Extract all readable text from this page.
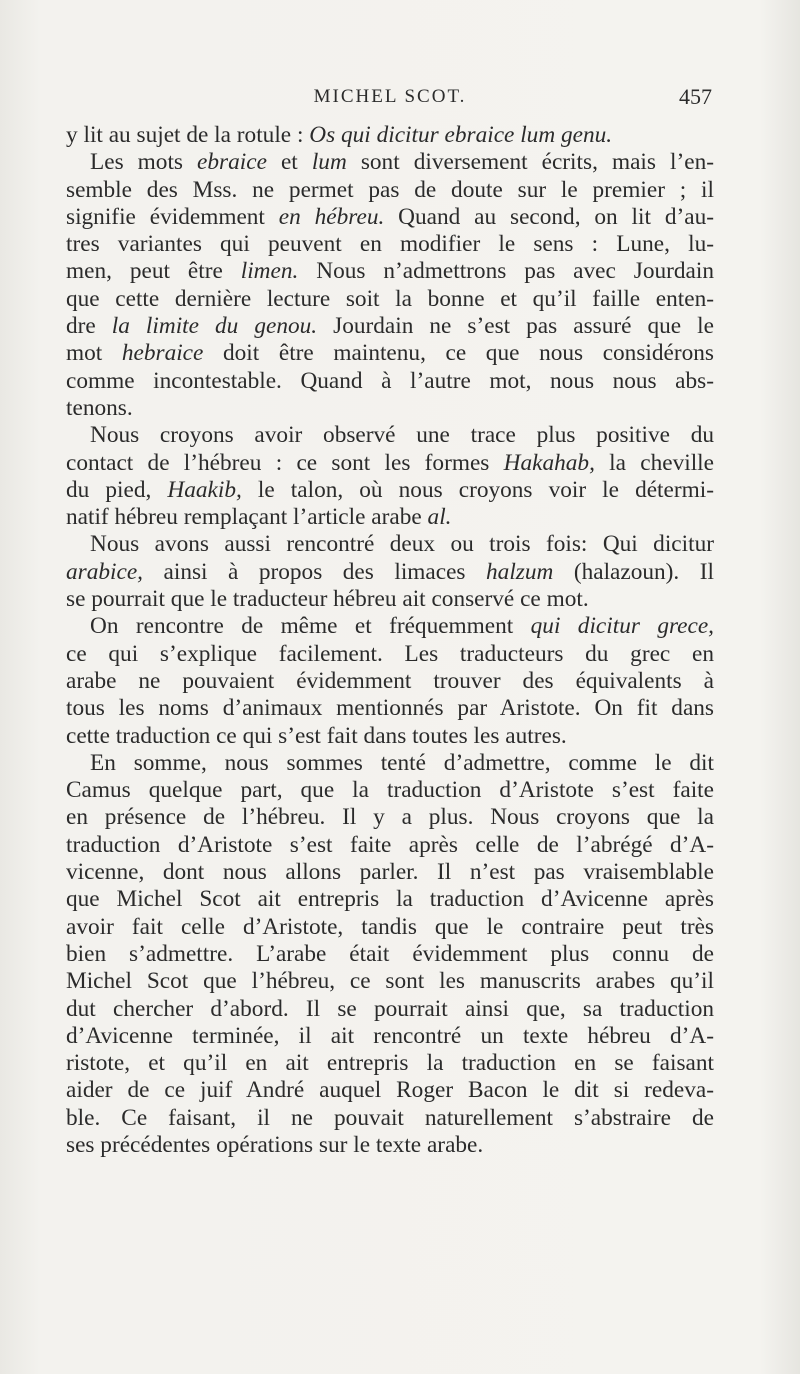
MICHEL SCOT.	457
y lit au sujet de la rotule : Os qui dicitur ebraice lum genu.
Les mots ebraice et lum sont diversement écrits, mais l’en-
semble des Mss. ne permet pas de doute sur le premier ; il
signifie évidemment en hébreu. Quand au second, on lit d’au-
tres variantes qui peuvent en modifier le sens : Lune, lu-
men, peut être limen. Nous n’admettrons pas avec Jourdain
que cette dernière lecture soit la bonne et qu’il faille enten-
dre la limite du genou. Jourdain ne s’est pas assuré que le
mot hebraice doit être maintenu, ce que nous considérons
comme incontestable. Quand à l’autre mot, nous nous abs-
tenons.
Nous croyons avoir observé une trace plus positive du
contact de l’hébreu : ce sont les formes Hakahab, la cheville
du pied, Haakib, le talon, où nous croyons voir le détermi-
natif hébreu remplaçant l’article arabe al.
Nous avons aussi rencontré deux ou trois fois: Qui dicitur
arabice, ainsi à propos des limaces halzum (halazoun). Il
se pourrait que le traducteur hébreu ait conservé ce mot.
On rencontre de même et fréquemment qui dicitur grece,
ce qui s’explique facilement. Les traducteurs du grec en
arabe ne pouvaient évidemment trouver des équivalents à
tous les noms d’animaux mentionnés par Aristote. On fit dans
cette traduction ce qui s’est fait dans toutes les autres.
En somme, nous sommes tenté d’admettre, comme le dit
Camus quelque part, que la traduction d’Aristote s’est faite
en présence de l’hébreu. Il y a plus. Nous croyons que la
traduction d’Aristote s’est faite après celle de l’abrégé d’A-
vicenne, dont nous allons parler. Il n’est pas vraisemblable
que Michel Scot ait entrepris la traduction d’Avicenne après
avoir fait celle d’Aristote, tandis que le contraire peut très
bien s’admettre. L’arabe était évidemment plus connu de
Michel Scot que l’hébreu, ce sont les manuscrits arabes qu’il
dut chercher d’abord. Il se pourrait ainsi que, sa traduction
d’Avicenne terminée, il ait rencontré un texte hébreu d’A-
ristote, et qu’il en ait entrepris la traduction en se faisant
aider de ce juif André auquel Roger Bacon le dit si redeva-
ble. Ce faisant, il ne pouvait naturellement s’abstraire de
ses précédentes opérations sur le texte arabe.
